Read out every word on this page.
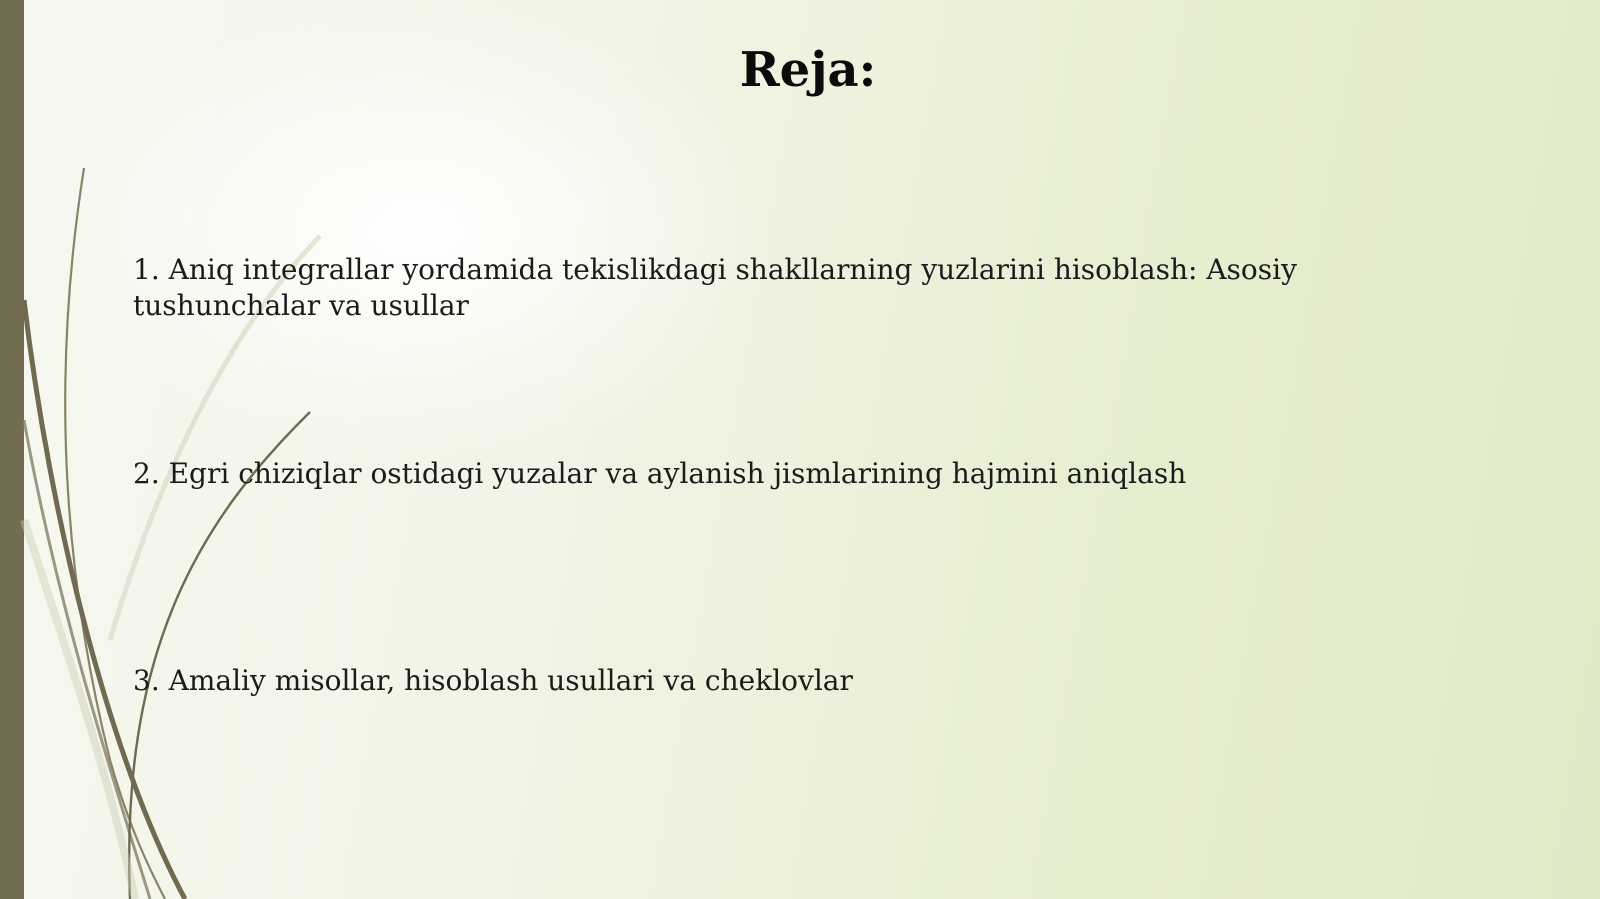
Reja:
1. Aniq integrallar yordamida tekislikdagi shakllarning yuzlarini hisoblash: Asosiy tushunchalar va usullar
2. Egri chiziqlar ostidagi yuzalar va aylanish jismlarining hajmini aniqlash
3. Amaliy misollar, hisoblash usullari va cheklovlar
